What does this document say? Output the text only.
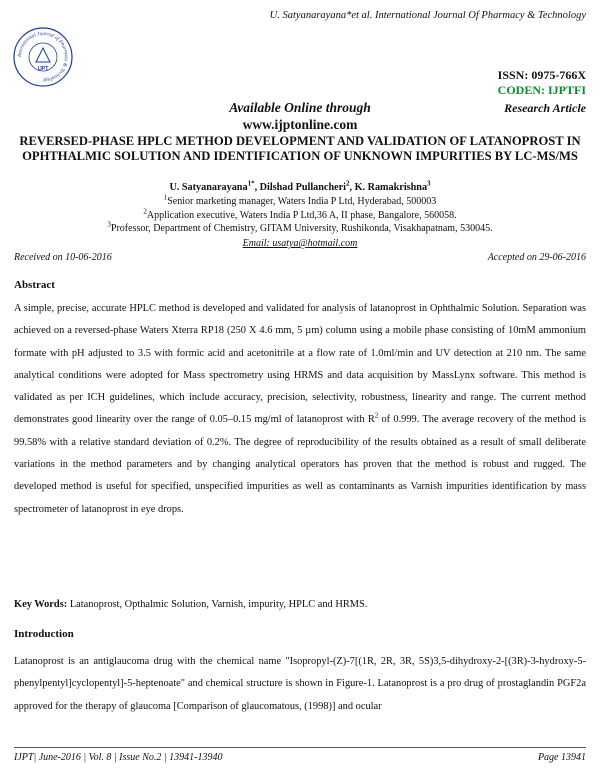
U. Satyanarayana*et al. International Journal Of Pharmacy & Technology
International Journal of Pharmacy & Technology
IJPT	ISSN: 0975-766X
CODEN: IJPTFI
Available Online through	Research Article
www.ijptonline.com
REVERSED-PHASE HPLC METHOD DEVELOPMENT AND VALIDATION OF LATANOPROST IN OPHTHALMIC SOLUTION AND IDENTIFICATION OF UNKNOWN IMPURITIES BY LC-MS/MS
U. Satyanarayana$^{1*}$, Dilshad Pullancheri$^2$, K. Ramakrishna$^3$
$^1$Senior marketing manager, Waters India P Ltd, Hyderabad, 500003
$^2$Application executive, Waters India P Ltd,36 A, II phase, Bangalore, 560058.
$^3$Professor, Department of Chemistry, GITAM University, Rushikonda, Visakhapatnam, 530045.
Email: usatya@hotmail.com
Received on 10-06-2016	Accepted on 29-06-2016
Abstract
A simple, precise, accurate HPLC method is developed and validated for analysis of latanoprost in Ophthalmic Solution. Separation was achieved on a reversed-phase Waters Xterra RP18 (250 X 4.6 mm, 5 µm) column using a mobile phase consisting of 10mM ammonium formate with pH adjusted to 3.5 with formic acid and acetonitrile at a flow rate of 1.0ml/min and UV detection at 210 nm. The same analytical conditions were adopted for Mass spectrometry using HRMS and data acquisition by MassLynx software. This method is validated as per ICH guidelines, which include accuracy, precision, selectivity, robustness, linearity and range. The current method demonstrates good linearity over the range of 0.05–0.15 mg/ml of latanoprost with $R^2$ of 0.999. The average recovery of the method is 99.58% with a relative standard deviation of 0.2%. The degree of reproducibility of the results obtained as a result of small deliberate variations in the method parameters and by changing analytical operators has proven that the method is robust and rugged. The developed method is useful for specified, unspecified impurities as well as contaminants as Varnish impurities identification by mass spectrometer of latanoprost in eye drops.
Key Words: Latanoprost, Opthalmic Solution, Varnish, impurity, HPLC and HRMS.
Introduction
Latanoprost is an antiglaucoma drug with the chemical name "Isopropyl-(Z)-7[(1R, 2R, 3R, 5S)3,5-dihydroxy-2-[(3R)-3-hydroxy-5-phenylpentyl]cyclopentyl]-5-heptenoate" and chemical structure is shown in Figure-1. Latanoprost is a pro drug of prostaglandin PGF2a approved for the therapy of glaucoma [Comparison of glaucomatous, (1998)] and ocular
IJPT| June-2016 | Vol. 8 | Issue No.2 | 13941-13940	Page 13941
